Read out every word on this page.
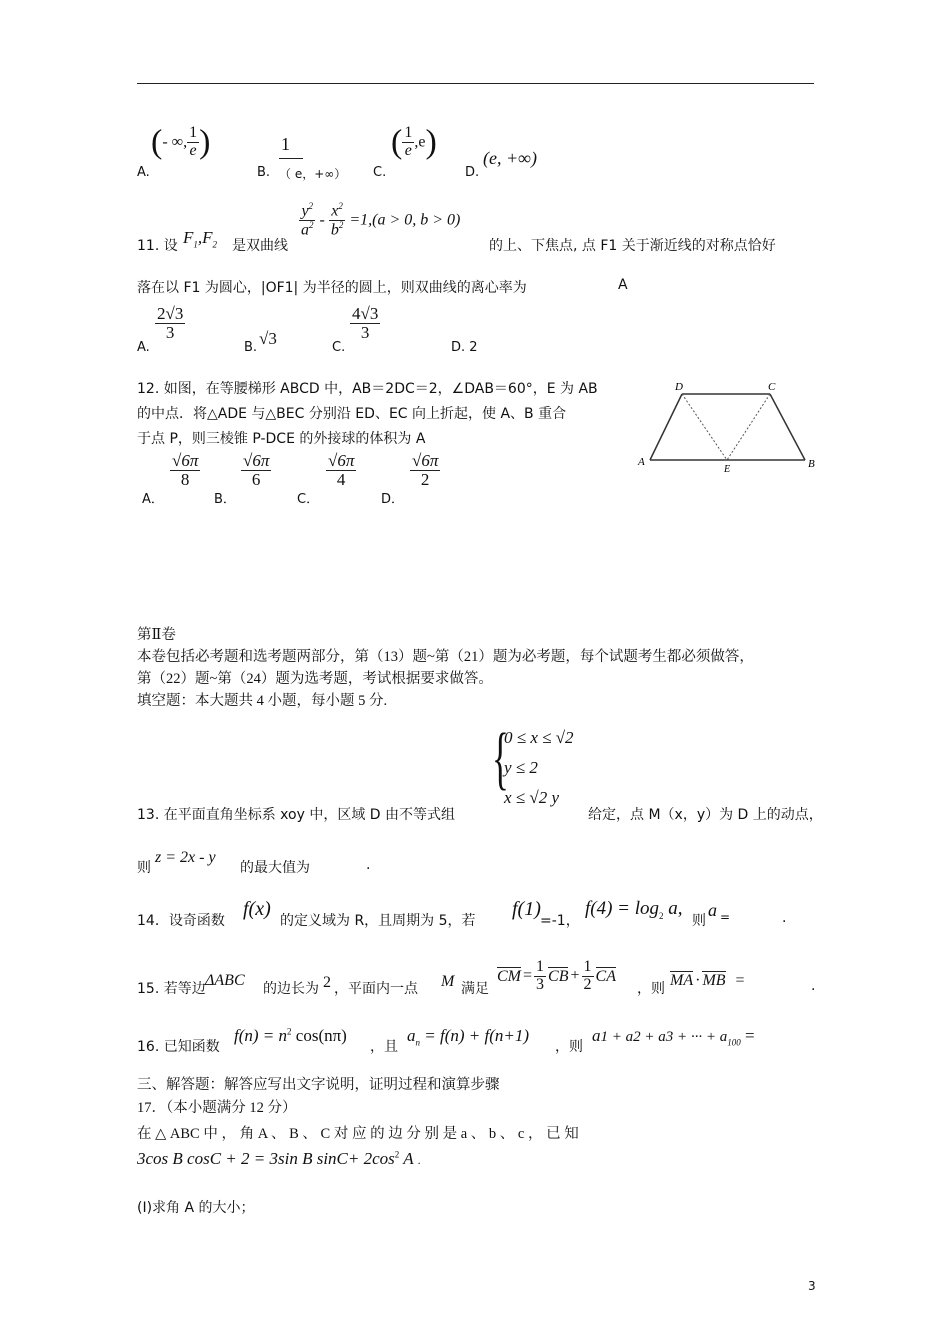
A.
(- ∞, $\frac{1}{e}$ )
B.
1
（ e，+∞） C.
( $\frac{1}{e} ,e$)
D.
(e, +∞)
11. 设 $F_1,F_2$ 是双曲线
$\frac{y^2}{a^2} - \frac{x^2}{b^2} =1,(a > 0$, b > 0)
的上、下焦点, 点 F1 关于渐近线的对称点恰好
落在以 F1 为圆心，|OF1| 为半径的圆上，则双曲线的离心率为	A
A.
$\frac{2√3}{3}$
B. √3	C.
$\frac{4√3}{3}$
D. 2
12. 如图，在等腰梯形 ABCD 中，AB＝2DC＝2，∠DAB＝60°，E 为 AB
的中点．将△ADE 与△BEC 分别沿 ED、EC 向上折起，使 A、B 重合
于点 P，则三棱锥 P-DCE 的外接球的体积为 A
A．
$\frac{√6\pi}{8}$
B．
$\frac{√6\pi}{6}$
C．
$\frac{√6\pi}{4}$
D．
$\frac{√6\pi}{2}$
D	C
A
E	B
第Ⅱ卷
本卷包括必考题和选考题两部分，第（13）题~第（21）题为必考题，每个试题考生都必须做答，
第（22）题~第（24）题为选考题，考试根据要求做答。
填空题：本大题共 4 小题，每小题 5 分.
{
0 ≤ x ≤ √2
y ≤ 2
x ≤ √2 y
13. 在平面直角坐标系 xoy 中，区域 D 由不等式组	给定，点 M（x，y）为 D 上的动点，
则
z = 2x - y
的最大值为	.
14．设奇函数
f(x)
的定义域为 R，且周期为 5，若
f(1)
=-1，
$f(4) = \log_2 a$,
则
a =	.
15. 若等边 ΔABC 的边长为 2 ，平面内一点 M 满足
CM = $\frac{1}{3}$ CB + $\frac{1}{2}$ CA
，则 MA · MB =	.
16. 已知函数
$f(n) = n^2$ cos(nπ)
，且
$a_n = f(n) + f(n+1)$
，则
a1 + a2 + a3 + ··· + $a_{100}$ =
三、解答题：解答应写出文字说明，证明过程和演算步骤
17．（本小题满分 12 分）
在 △ ABC 中 ， 角 A 、 B 、 C 对 应 的 边 分 别 是 a 、 b 、 c ， 已 知
3cos B cosC + 2 = 3sin B $\sin C+ 2\cos^2$ A .
(I)求角 A 的大小；
3
